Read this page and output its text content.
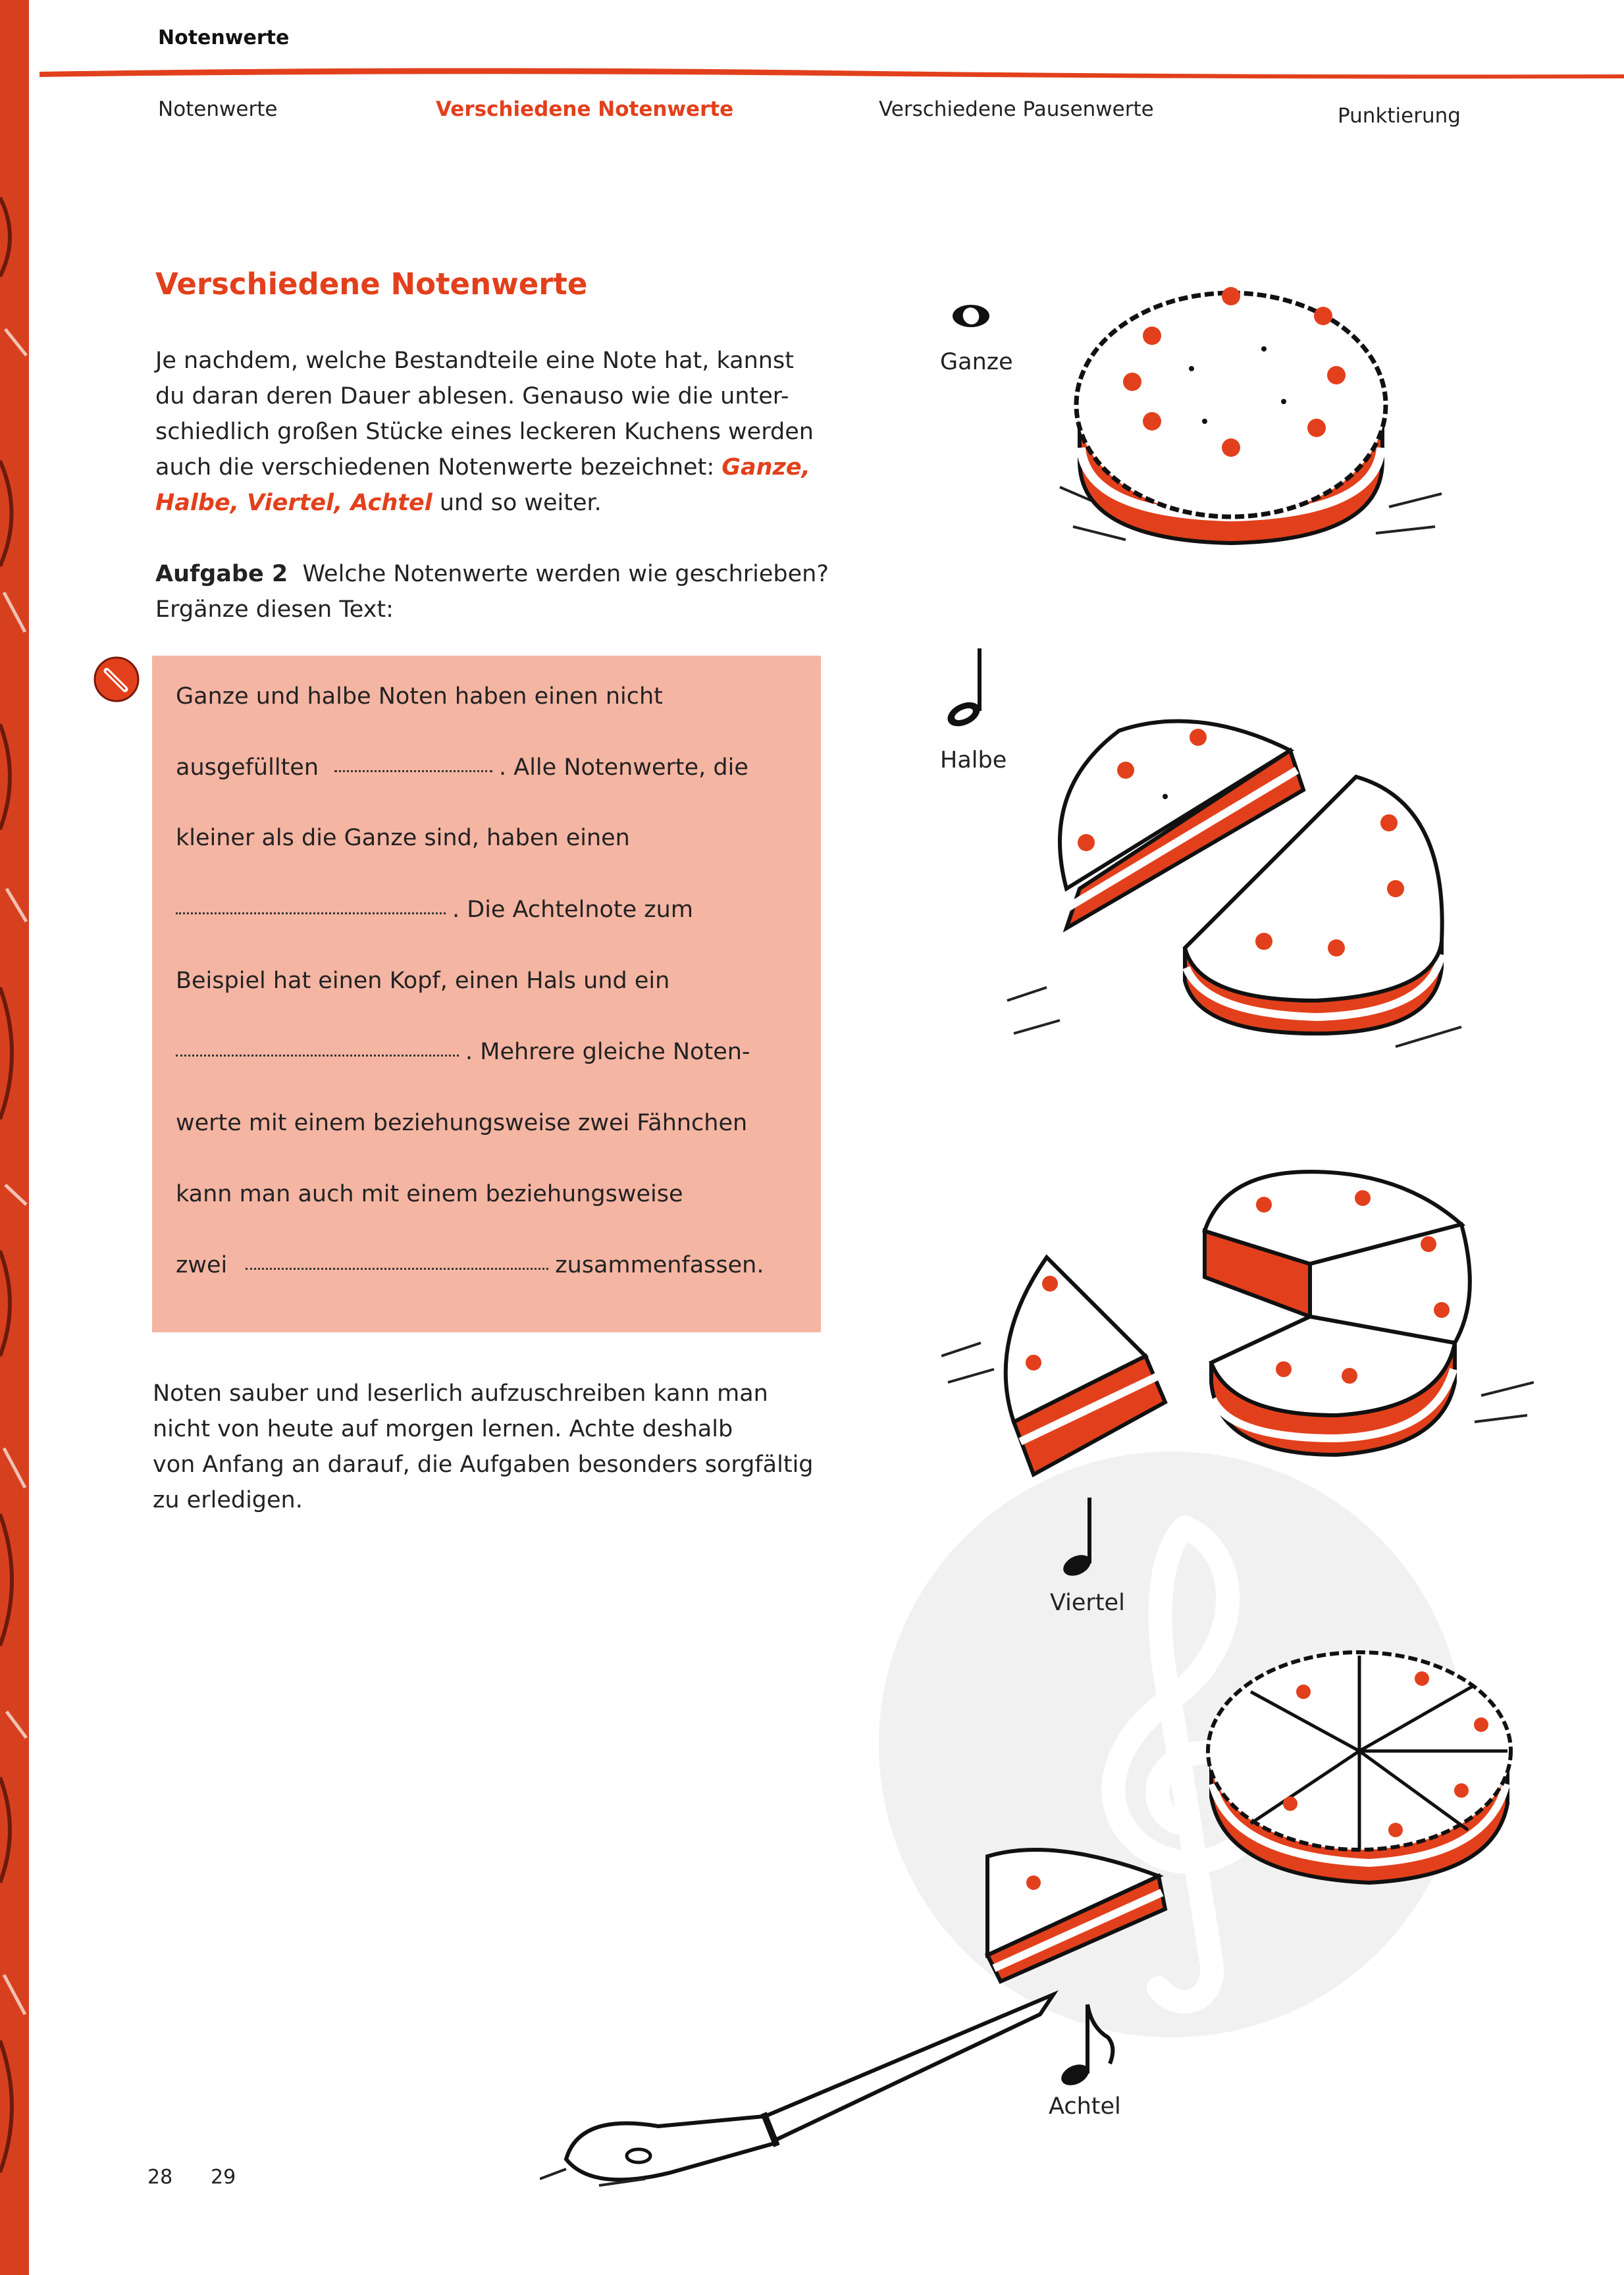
Notenwerte
Notenwerte	Verschiedene Notenwerte	Verschiedene Pausenwerte	Punktierung
Verschiedene Notenwerte
Je nachdem, welche Bestandteile eine Note hat, kannst
du daran deren Dauer ablesen. Genauso wie die unter-
schiedlich großen Stücke eines leckeren Kuchens werden
auch die verschiedenen Notenwerte bezeichnet: Ganze,
Halbe, Viertel, Achtel und so weiter.
Aufgabe 2 Welche Notenwerte werden wie geschrieben?
Ergänze diesen Text:
Ganze und halbe Noten haben einen nicht
ausgefüllten	. Alle Notenwerte, die
kleiner als die Ganze sind, haben einen
. Die Achtelnote zum
Beispiel hat einen Kopf, einen Hals und ein
. Mehrere gleiche Noten-
werte mit einem beziehungsweise zwei Fähnchen
kann man auch mit einem beziehungsweise
zwei	zusammenfassen.
Noten sauber und leserlich aufzuschreiben kann man
nicht von heute auf morgen lernen. Achte deshalb
von Anfang an darauf, die Aufgaben besonders sorgfältig
zu erledigen.
Ganze
Halbe
Viertel
Achtel
28 29
